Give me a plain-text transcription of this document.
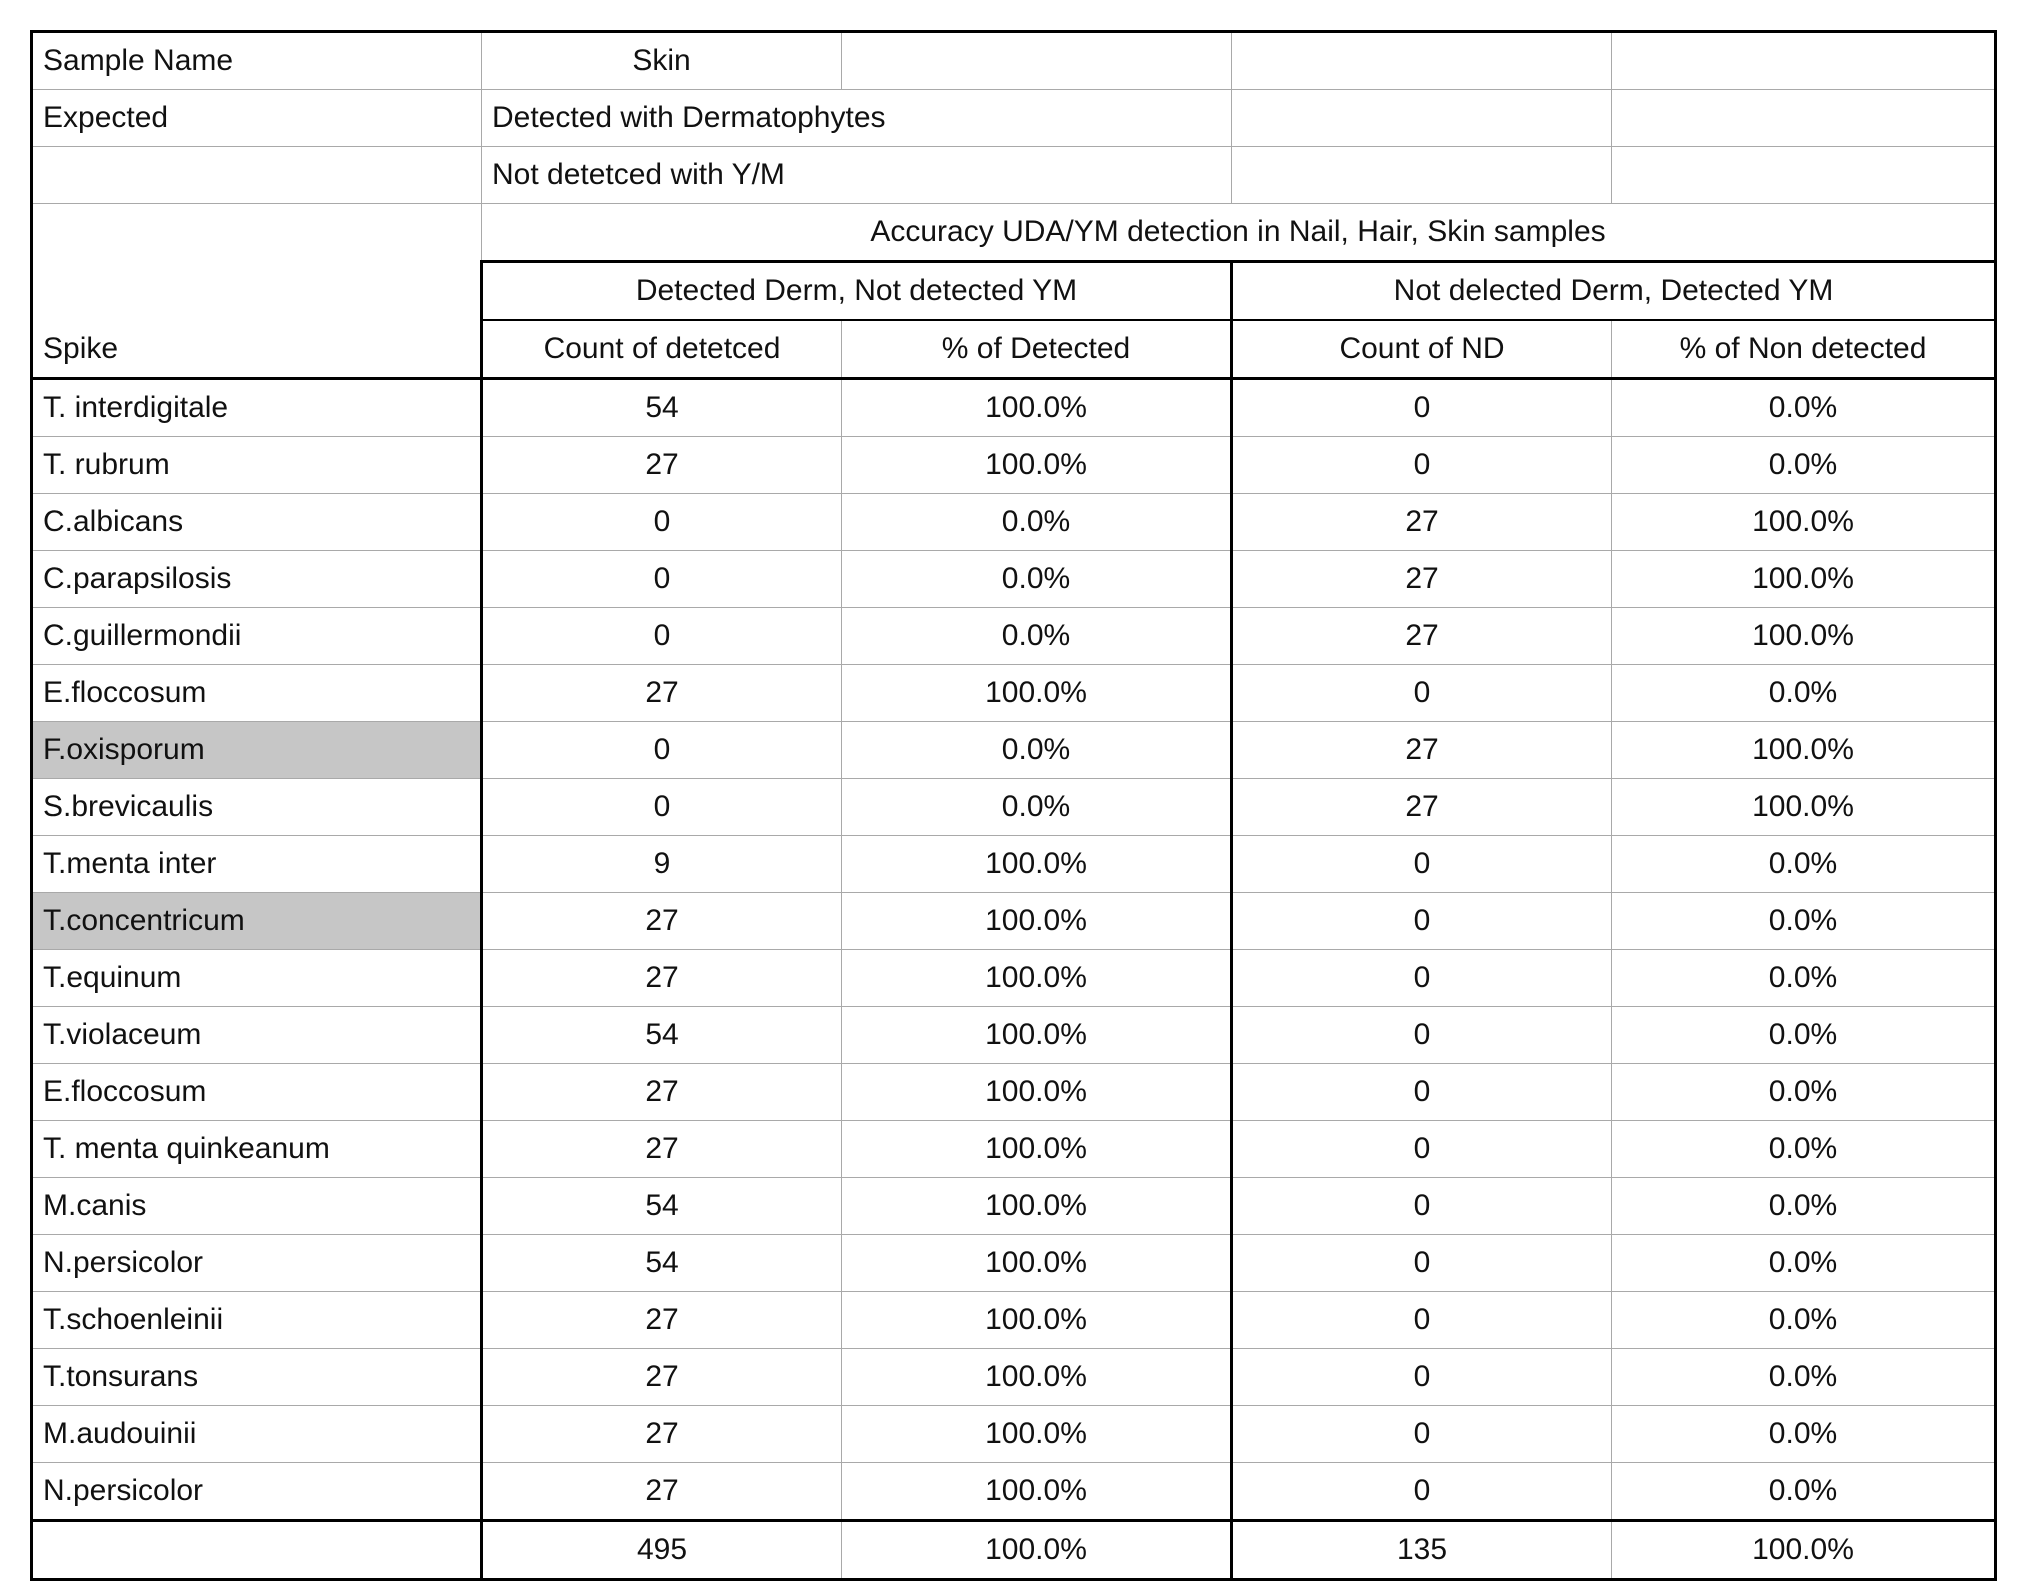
Sample Name	Skin			
Expected	Detected with Dermatophytes			
	Not detetced with Y/M			
	Accuracy UDA/YM detection in Nail, Hair, Skin samples			
	Detected Derm, Not detected YM		Not delected Derm, Detected YM	
Spike	Count of detetced	% of Detected	Count of ND	% of Non detected
T. interdigitale	54	100.0%	0	0.0%
T. rubrum	27	100.0%	0	0.0%
C.albicans	0	0.0%	27	100.0%
C.parapsilosis	0	0.0%	27	100.0%
C.guillermondii	0	0.0%	27	100.0%
E.floccosum	27	100.0%	0	0.0%
F.oxisporum	0	0.0%	27	100.0%
S.brevicaulis	0	0.0%	27	100.0%
T.menta inter	9	100.0%	0	0.0%
T.concentricum	27	100.0%	0	0.0%
T.equinum	27	100.0%	0	0.0%
T.violaceum	54	100.0%	0	0.0%
E.floccosum	27	100.0%	0	0.0%
T. menta quinkeanum	27	100.0%	0	0.0%
M.canis	54	100.0%	0	0.0%
N.persicolor	54	100.0%	0	0.0%
T.schoenleinii	27	100.0%	0	0.0%
T.tonsurans	27	100.0%	0	0.0%
M.audouinii	27	100.0%	0	0.0%
N.persicolor	27	100.0%	0	0.0%
	495	100.0%	135	100.0%
